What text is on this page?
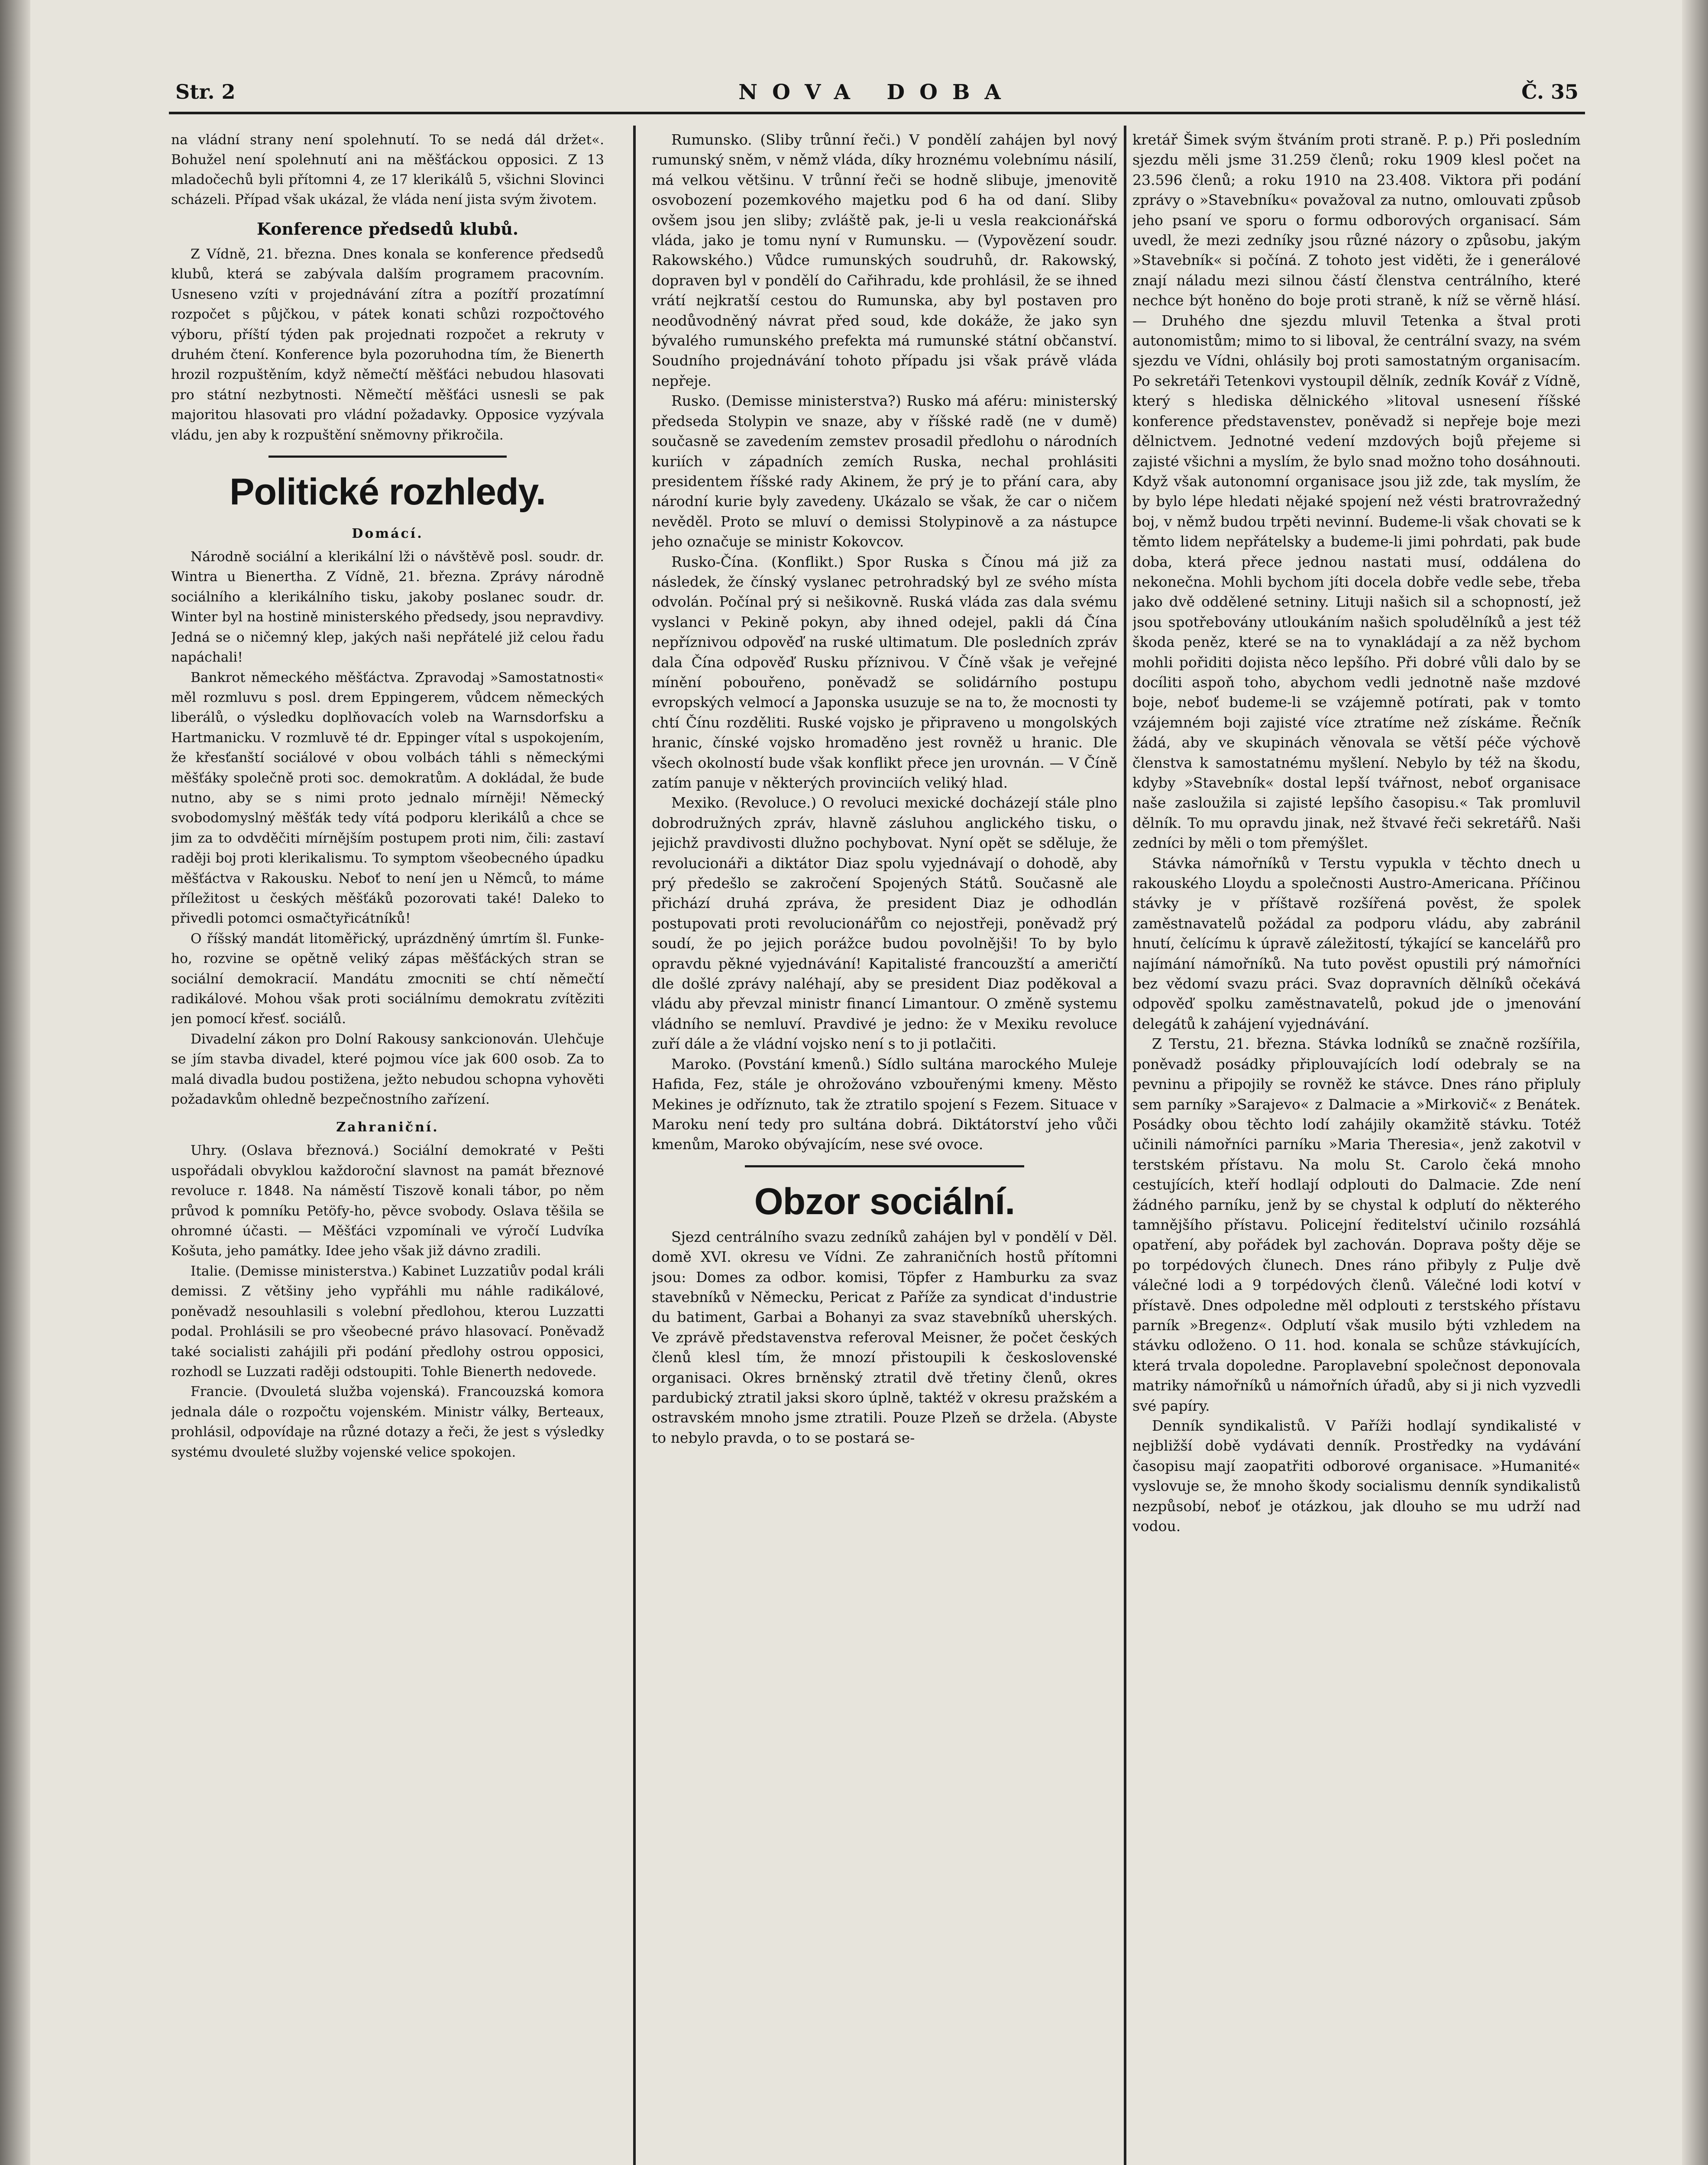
Str. 2	NOVA DOBA	Č. 35

na vládní strany není spolehnutí. To se nedá dál držet«. Bohužel není spolehnutí ani na měšťáckou opposici. Z 13 mladočechů byli přítomni 4, ze 17 klerikálů 5, všichni Slovinci scházeli. Případ však ukázal, že vláda není jista svým životem.

Konference předsedů klubů.

Z Vídně, 21. března. Dnes konala se konference předsedů klubů, která se zabývala dalším programem pracovním. Usneseno vzíti v projednávání zítra a pozítří prozatímní rozpočet s půjčkou, v pátek konati schůzi rozpočtového výboru, příští týden pak projednati rozpočet a rekruty v druhém čtení. Konference byla pozoruhodna tím, že Bienerth hrozil rozpuštěním, když němečtí měšťáci nebudou hlasovati pro státní nezbytnosti. Němečtí měšťáci usnesli se pak majoritou hlasovati pro vládní požadavky. Opposice vyzývala vládu, jen aby k rozpuštění sněmovny přikročila.

Politické rozhledy.
Domácí.

Národně sociální a klerikální lži o návštěvě posl. soudr. dr. Wintra u Bienertha. Z Vídně, 21. března. Zprávy národně sociálního a klerikálního tisku, jakoby poslanec soudr. dr. Winter byl na hostině ministerského předsedy, jsou nepravdivy. Jedná se o ničemný klep, jakých naši nepřátelé již celou řadu napáchali!

Bankrot německého měšťáctva. Zpravodaj »Samostatnosti« měl rozmluvu s posl. drem Eppingerem, vůdcem německých liberálů, o výsledku doplňovacích voleb na Warnsdorfsku a Hartmanicku. V rozmluvě té dr. Eppinger vítal s uspokojením, že křesťanští sociálové v obou volbách táhli s německými měšťáky společně proti soc. demokratům. A dokládal, že bude nutno, aby se s nimi proto jednalo mírněji! Německý svobodomyslný měšťák tedy vítá podporu klerikálů a chce se jim za to odvděčiti mírnějším postupem proti nim, čili: zastaví raději boj proti klerikalismu. To symptom všeobecného úpadku měšťáctva v Rakousku. Neboť to není jen u Němců, to máme příležitost u českých měšťáků pozorovati také! Daleko to přivedli potomci osmačtyřicátníků!

O říšský mandát litoměřický, uprázdněný úmrtím šl. Funke-ho, rozvine se opětně veliký zápas měšťáckých stran se sociální demokracií. Mandátu zmocniti se chtí němečtí radikálové. Mohou však proti sociálnímu demokratu zvítěziti jen pomocí křesť. sociálů.

Divadelní zákon pro Dolní Rakousy sankcionován. Ulehčuje se jím stavba divadel, které pojmou více jak 600 osob. Za to malá divadla budou postižena, ježto nebudou schopna vyhověti požadavkům ohledně bezpečnostního zařízení.

Zahraniční.

Uhry. (Oslava březnová.) Sociální demokraté v Pešti uspořádali obvyklou každoroční slavnost na památ březnové revoluce r. 1848. Na náměstí Tiszově konali tábor, po něm průvod k pomníku Petöfy-ho, pěvce svobody. Oslava těšila se ohromné účasti. — Měšťáci vzpomínali ve výročí Ludvíka Košuta, jeho památky. Idee jeho však již dávno zradili.

Italie. (Demisse ministerstva.) Kabinet Luzzatiův podal králi demissi. Z většiny jeho vypřáhli mu náhle radikálové, poněvadž nesouhlasili s volební předlohou, kterou Luzzatti podal. Prohlásili se pro všeobecné právo hlasovací. Poněvadž také socialisti zahájili při podání předlohy ostrou opposici, rozhodl se Luzzati raději odstoupiti. Tohle Bienerth nedovede.

Francie. (Dvouletá služba vojenská). Francouzská komora jednala dále o rozpočtu vojenském. Ministr války, Berteaux, prohlásil, odpovídaje na různé dotazy a řeči, že jest s výsledky systému dvouleté služby vojenské velice spokojen.

Rumunsko. (Sliby trůnní řeči.) V pondělí zahájen byl nový rumunský sněm, v němž vláda, díky hroznému volebnímu násilí, má velkou většinu. V trůnní řeči se hodně slibuje, jmenovitě osvobození pozemkového majetku pod 6 ha od daní. Sliby ovšem jsou jen sliby; zvláště pak, je-li u vesla reakcionářská vláda, jako je tomu nyní v Rumunsku. — (Vypovězení soudr. Rakowského.) Vůdce rumunských soudruhů, dr. Rakowský, dopraven byl v pondělí do Cařihradu, kde prohlásil, že se ihned vrátí nejkratší cestou do Rumunska, aby byl postaven pro neodůvodněný návrat před soud, kde dokáže, že jako syn bývalého rumunského prefekta má rumunské státní občanství. Soudního projednávání tohoto případu jsi však právě vláda nepřeje.

Rusko. (Demisse ministerstva?) Rusko má aféru: ministerský předseda Stolypin ve snaze, aby v říšské radě (ne v dumě) současně se zavedením zemstev prosadil předlohu o národních kuriích v západních zemích Ruska, nechal prohlásiti presidentem říšské rady Akinem, že prý je to přání cara, aby národní kurie byly zavedeny. Ukázalo se však, že car o ničem nevěděl. Proto se mluví o demissi Stolypinově a za nástupce jeho označuje se ministr Kokovcov.

Rusko-Čína. (Konflikt.) Spor Ruska s Čínou má již za následek, že čínský vyslanec petrohradský byl ze svého místa odvolán. Počínal prý si nešikovně. Ruská vláda zas dala svému vyslanci v Pekině pokyn, aby ihned odejel, pakli dá Čína nepříznivou odpověď na ruské ultimatum. Dle posledních zpráv dala Čína odpověď Rusku příznivou. V Číně však je veřejné mínění pobouřeno, poněvadž se solidárního postupu evropských velmocí a Japonska usuzuje se na to, že mocnosti ty chtí Čínu rozděliti. Ruské vojsko je připraveno u mongolských hranic, čínské vojsko hromaděno jest rovněž u hranic. Dle všech okolností bude však konflikt přece jen urovnán. — V Číně zatím panuje v některých provinciích veliký hlad.

Mexiko. (Revoluce.) O revoluci mexické docházejí stále plno dobrodružných zpráv, hlavně zásluhou anglického tisku, o jejichž pravdivosti dlužno pochybovat. Nyní opět se sděluje, že revolucionáři a diktátor Diaz spolu vyjednávají o dohodě, aby prý předešlo se zakročení Spojených Států. Současně ale přichází druhá zpráva, že president Diaz je odhodlán postupovati proti revolucionářům co nejostřeji, poněvadž prý soudí, že po jejich porážce budou povolnějši! To by bylo opravdu pěkné vyjednávání! Kapitalisté francouzští a američtí dle došlé zprávy naléhají, aby se president Diaz poděkoval a vládu aby převzal ministr financí Limantour. O změně systemu vládního se nemluví. Pravdivé je jedno: že v Mexiku revoluce zuří dále a že vládní vojsko není s to ji potlačiti.

Maroko. (Povstání kmenů.) Sídlo sultána marockého Muleje Hafida, Fez, stále je ohrožováno vzbouřenými kmeny. Město Mekines je odříznuto, tak že ztratilo spojení s Fezem. Situace v Maroku není tedy pro sultána dobrá. Diktátorství jeho vůči kmenům, Maroko obývajícím, nese své ovoce.

Obzor sociální.

Sjezd centrálního svazu zedníků zahájen byl v pondělí v Děl. domě XVI. okresu ve Vídni. Ze zahraničních hostů přítomni jsou: Domes za odbor. komisi, Töpfer z Hamburku za svaz stavebníků v Německu, Pericat z Paříže za syndicat d'industrie du batiment, Garbai a Bohanyi za svaz stavebníků uherských. Ve zprávě představenstva referoval Meisner, že počet českých členů klesl tím, že mnozí přistoupili k československé organisaci. Okres brněnský ztratil dvě třetiny členů, okres pardubický ztratil jaksi skoro úplně, taktéž v okresu pražském a ostravském mnoho jsme ztratili. Pouze Plzeň se držela. (Abyste to nebylo pravda, o to se postará se-

kretář Šimek svým štváním proti straně. P. p.) Při posledním sjezdu měli jsme 31.259 členů; roku 1909 klesl počet na 23.596 členů; a roku 1910 na 23.408. Viktora při podání zprávy o »Stavebníku« považoval za nutno, omlouvati způsob jeho psaní ve sporu o formu odborových organisací. Sám uvedl, že mezi zedníky jsou různé názory o způsobu, jakým »Stavebník« si počíná. Z tohoto jest viděti, že i generálové znají náladu mezi silnou částí členstva centrálního, které nechce být honěno do boje proti straně, k níž se věrně hlásí. — Druhého dne sjezdu mluvil Tetenka a štval proti autonomistům; mimo to si liboval, že centrální svazy, na svém sjezdu ve Vídni, ohlásily boj proti samostatným organisacím. Po sekretáři Tetenkovi vystoupil dělník, zedník Kovář z Vídně, který s hlediska dělnického »litoval usnesení říšské konference představenstev, poněvadž si nepřeje boje mezi dělnictvem. Jednotné vedení mzdových bojů přejeme si zajisté všichni a myslím, že bylo snad možno toho dosáhnouti. Když však autonomní organisace jsou již zde, tak myslím, že by bylo lépe hledati nějaké spojení než vésti bratrovražedný boj, v němž budou trpěti nevinní. Budeme-li však chovati se k těmto lidem nepřátelsky a budeme-li jimi pohrdati, pak bude doba, která přece jednou nastati musí, oddálena do nekonečna. Mohli bychom jíti docela dobře vedle sebe, třeba jako dvě oddělené setniny. Lituji našich sil a schopností, jež jsou spotřebovány utloukáním našich spoludělníků a jest též škoda peněz, které se na to vynakládají a za něž bychom mohli pořiditi dojista něco lepšího. Při dobré vůli dalo by se docíliti aspoň toho, abychom vedli jednotně naše mzdové boje, neboť budeme-li se vzájemně potírati, pak v tomto vzájemném boji zajisté více ztratíme než získáme. Řečník žádá, aby ve skupinách věnovala se větší péče výchově členstva k samostatnému myšlení. Nebylo by též na škodu, kdyby »Stavebník« dostal lepší tvářnost, neboť organisace naše zasloužila si zajisté lepšího časopisu.« Tak promluvil dělník. To mu opravdu jinak, než štvavé řeči sekretářů. Naši zedníci by měli o tom přemýšlet.

Stávka námořníků v Terstu vypukla v těchto dnech u rakouského Lloydu a společnosti Austro-Americana. Příčinou stávky je v příštavě rozšířená pověst, že spolek zaměstnavatelů požádal za podporu vládu, aby zabránil hnutí, čelícímu k úpravě záležitostí, týkající se kancelářů pro najímání námořníků. Na tuto pověst opustili prý námořníci bez vědomí svazu práci. Svaz dopravních dělníků očekává odpověď spolku zaměstnavatelů, pokud jde o jmenování delegátů k zahájení vyjednávání.

Z Terstu, 21. března. Stávka lodníků se značně rozšířila, poněvadž posádky připlouvajících lodí odebraly se na pevninu a připojily se rovněž ke stávce. Dnes ráno připluly sem parníky »Sarajevo« z Dalmacie a »Mirkovič« z Benátek. Posádky obou těchto lodí zahájily okamžitě stávku. Totéž učinili námořníci parníku »Maria Theresia«, jenž zakotvil v terstském přístavu. Na molu St. Carolo čeká mnoho cestujících, kteří hodlají odplouti do Dalmacie. Zde není žádného parníku, jenž by se chystal k odplutí do některého tamnějšího přístavu. Policejní ředitelství učinilo rozsáhlá opatření, aby pořádek byl zachován. Doprava pošty děje se po torpédových člunech. Dnes ráno přibyly z Pulje dvě válečné lodi a 9 torpédových členů. Válečné lodi kotví v přístavě. Dnes odpoledne měl odplouti z terstského přístavu parník »Bregenz«. Odplutí však musilo býti vzhledem na stávku odloženo. O 11. hod. konala se schůze stávkujících, která trvala dopoledne. Paroplavební společnost deponovala matriky námořníků u námořních úřadů, aby si ji nich vyzvedli své papíry.

Denník syndikalistů. V Paříži hodlají syndikalisté v nejbližší době vydávati denník. Prostředky na vydávání časopisu mají zaopatřiti odborové organisace. »Humanité« vyslovuje se, že mnoho škody socialismu denník syndikalistů nezpůsobí, neboť je otázkou, jak dlouho se mu udrží nad vodou.
